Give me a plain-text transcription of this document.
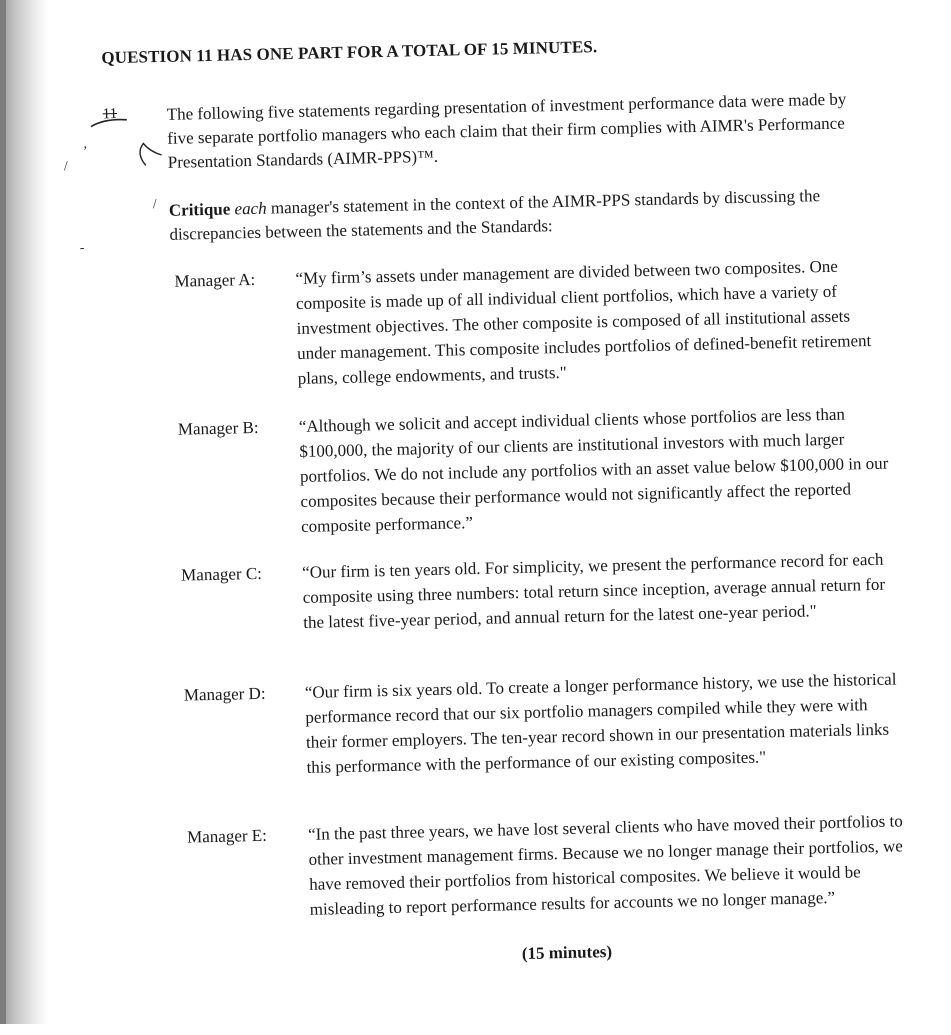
QUESTION 11 HAS ONE PART FOR A TOTAL OF 15 MINUTES.
11
/
,
/
-
The following five statements regarding presentation of investment performance data were made by five separate portfolio managers who each claim that their firm complies with AIMR's Performance Presentation Standards (AIMR-PPS)™.
Critique each manager's statement in the context of the AIMR-PPS standards by discussing the discrepancies between the statements and the Standards:
Manager A:	“My firm’s assets under management are divided between two composites. One composite is made up of all individual client portfolios, which have a variety of investment objectives. The other composite is composed of all institutional assets under management. This composite includes portfolios of defined-benefit retirement plans, college endowments, and trusts."
Manager B:	“Although we solicit and accept individual clients whose portfolios are less than $100,000, the majority of our clients are institutional investors with much larger portfolios. We do not include any portfolios with an asset value below $100,000 in our composites because their performance would not significantly affect the reported composite performance.”
Manager C:	“Our firm is ten years old. For simplicity, we present the performance record for each composite using three numbers: total return since inception, average annual return for the latest five-year period, and annual return for the latest one-year period."
Manager D:	“Our firm is six years old. To create a longer performance history, we use the historical performance record that our six portfolio managers compiled while they were with their former employers. The ten-year record shown in our presentation materials links this performance with the performance of our existing composites."
Manager E:	“In the past three years, we have lost several clients who have moved their portfolios to other investment management firms. Because we no longer manage their portfolios, we have removed their portfolios from historical composites. We believe it would be misleading to report performance results for accounts we no longer manage.”
(15 minutes)
